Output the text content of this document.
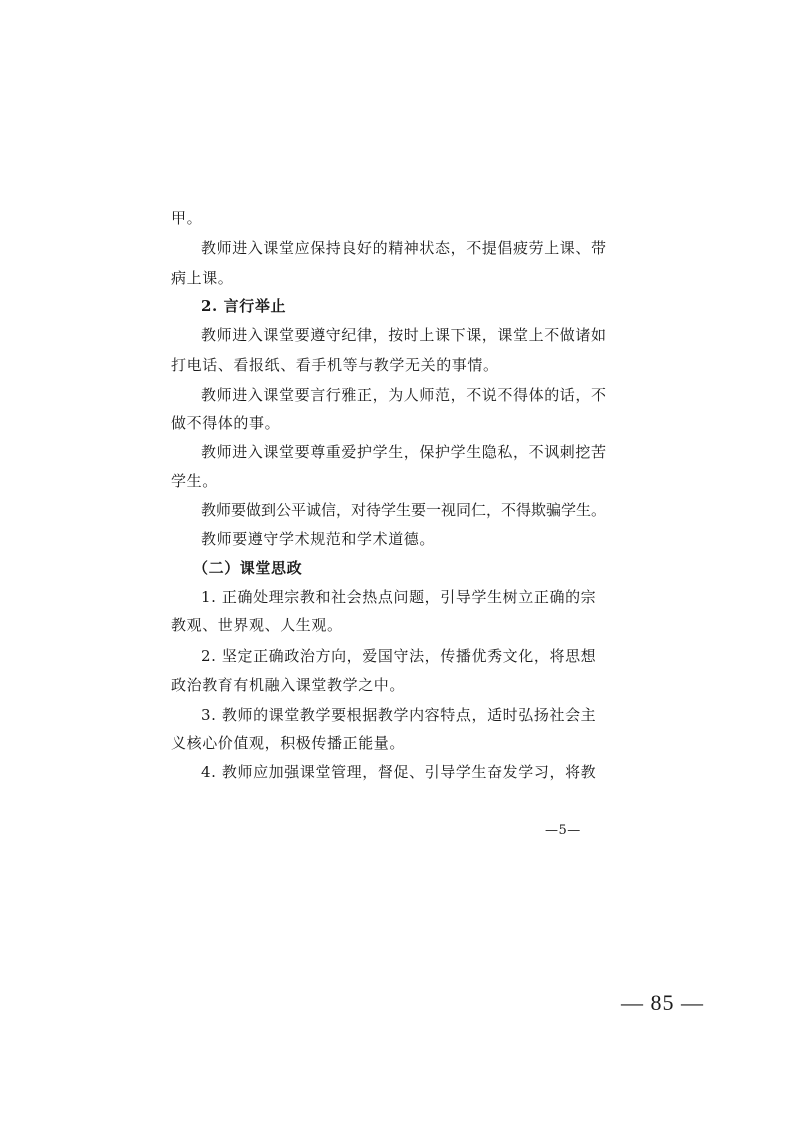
甲。
教师进入课堂应保持良好的精神状态，不提倡疲劳上课、带
病上课。
2. 言行举止
教师进入课堂要遵守纪律，按时上课下课，课堂上不做诸如
打电话、看报纸、看手机等与教学无关的事情。
教师进入课堂要言行雅正，为人师范，不说不得体的话，不
做不得体的事。
教师进入课堂要尊重爱护学生，保护学生隐私，不讽刺挖苦
学生。
教师要做到公平诚信，对待学生要一视同仁，不得欺骗学生。
教师要遵守学术规范和学术道德。
（二）课堂思政
1. 正确处理宗教和社会热点问题，引导学生树立正确的宗
教观、世界观、人生观。
2. 坚定正确政治方向，爱国守法，传播优秀文化，将思想
政治教育有机融入课堂教学之中。
3. 教师的课堂教学要根据教学内容特点，适时弘扬社会主
义核心价值观，积极传播正能量。
4. 教师应加强课堂管理，督促、引导学生奋发学习，将教
—5—
— 85 —
